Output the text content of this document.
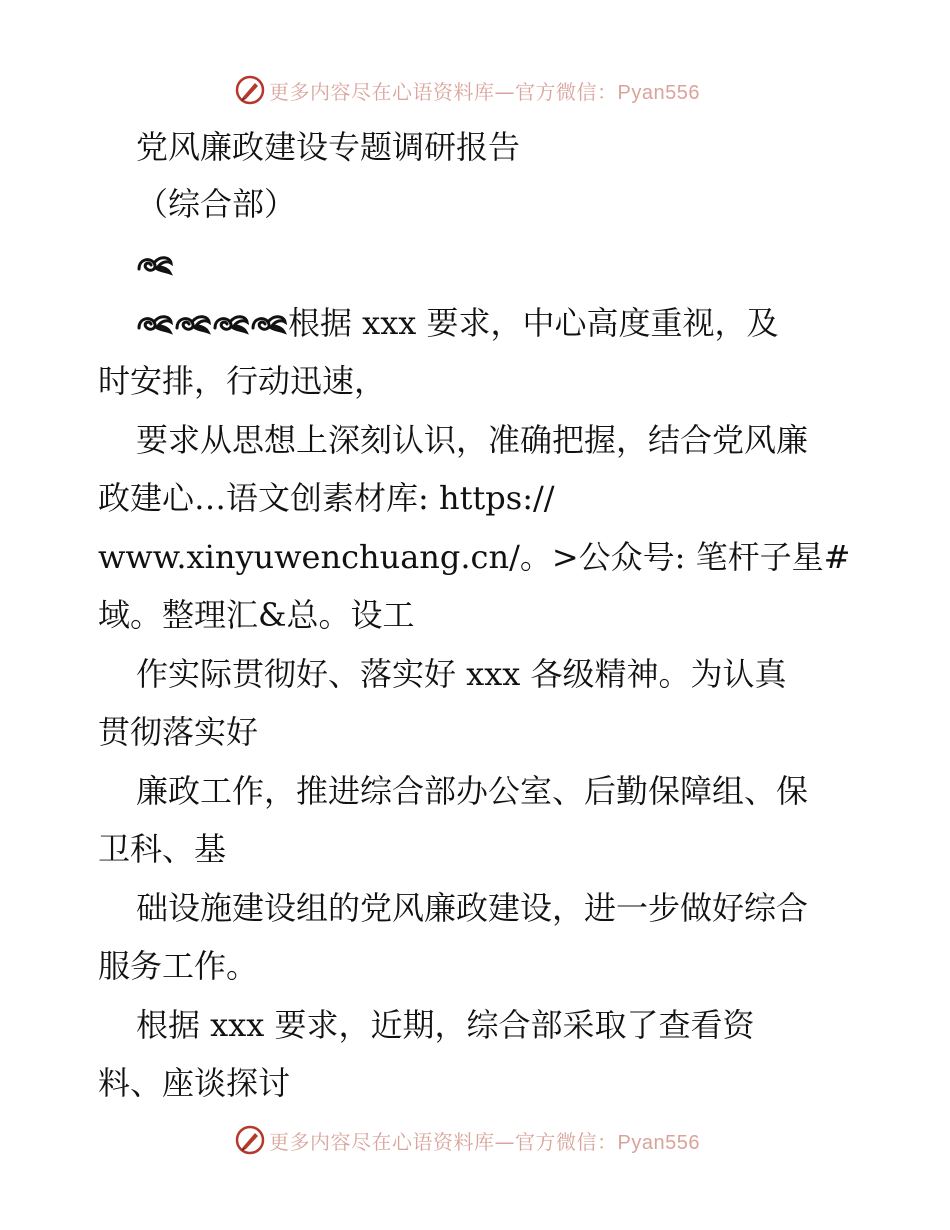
更多内容尽在心语资料库—官方微信：Pyan556
党风廉政建设专题调研报告
（综合部）
根据 xxx 要求，中心高度重视，及
时安排，行动迅速，
要求从思想上深刻认识，准确把握，结合党风廉
政建心…语文创素材库: https://
www.xinyuwenchuang.cn/。>公众号: 笔杆子星#
域。整理汇&总。设工
作实际贯彻好、落实好 xxx 各级精神。为认真
贯彻落实好
廉政工作，推进综合部办公室、后勤保障组、保
卫科、基
础设施建设组的党风廉政建设，进一步做好综合
服务工作。
根据 xxx 要求，近期，综合部采取了查看资
料、座谈探讨
更多内容尽在心语资料库—官方微信：Pyan556
